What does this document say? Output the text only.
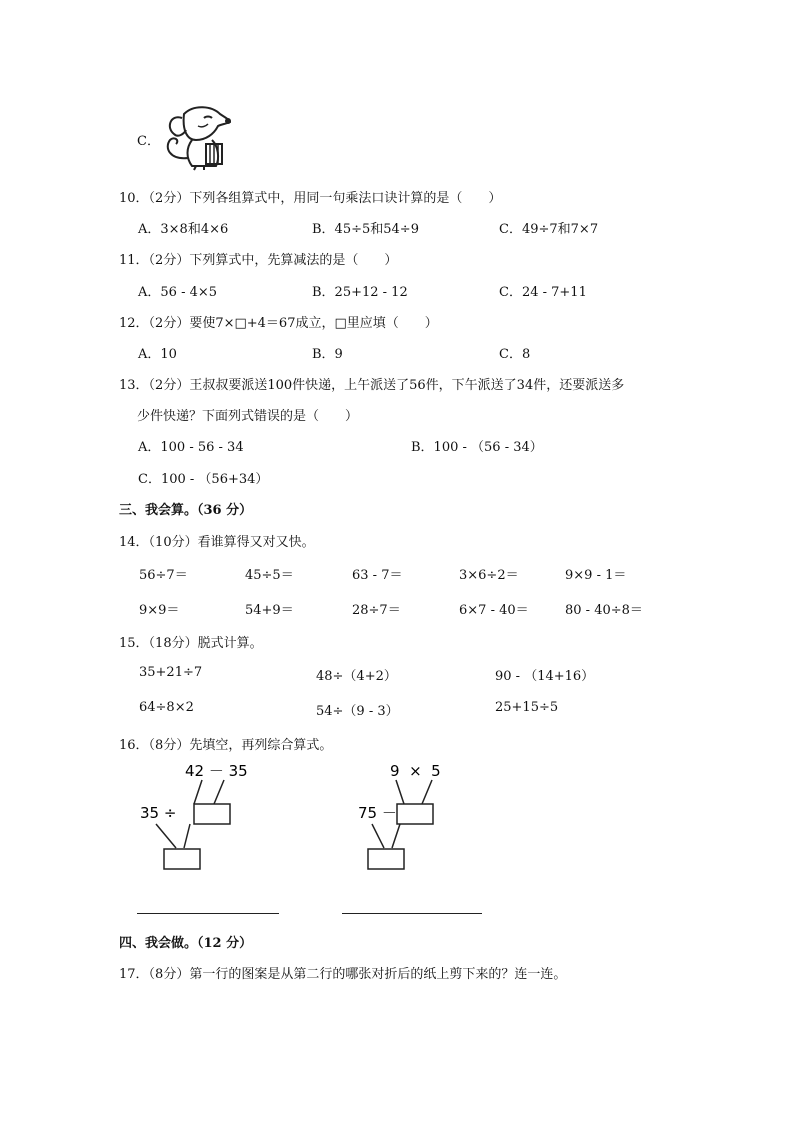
C．
10．（2分）下列各组算式中，用同一句乘法口诀计算的是（　　）
A．3×8和4×6	B．45÷5和54÷9	C．49÷7和7×7
11．（2分）下列算式中，先算减法的是（　　）
A．56 - 4×5	B．25+12 - 12	C．24 - 7+11
12．（2分）要使7×□+4＝67成立，□里应填（　　）
A．10	B．9	C．8
13．（2分）王叔叔要派送100件快递，上午派送了56件，下午派送了34件，还要派送多
少件快递？下面列式错误的是（　　）
A．100 - 56 - 34	B．100 - （56 - 34）
C．100 - （56+34）
三、我会算。（36 分）
14．（10分）看谁算得又对又快。
56÷7＝	45÷5＝	63 - 7＝	3×6÷2＝	9×9 - 1＝
9×9＝	54+9＝	28÷7＝	6×7 - 40＝	80 - 40÷8＝
15．（18分）脱式计算。
35+21÷7	48÷（4+2）	90 - （14+16）
64÷8×2	54÷（9 - 3）	25+15÷5
16．（8分）先填空，再列综合算式。
42 － 35
35 ÷
9  ×  5
75 －
四、我会做。（12 分）
17．（8分）第一行的图案是从第二行的哪张对折后的纸上剪下来的？连一连。
